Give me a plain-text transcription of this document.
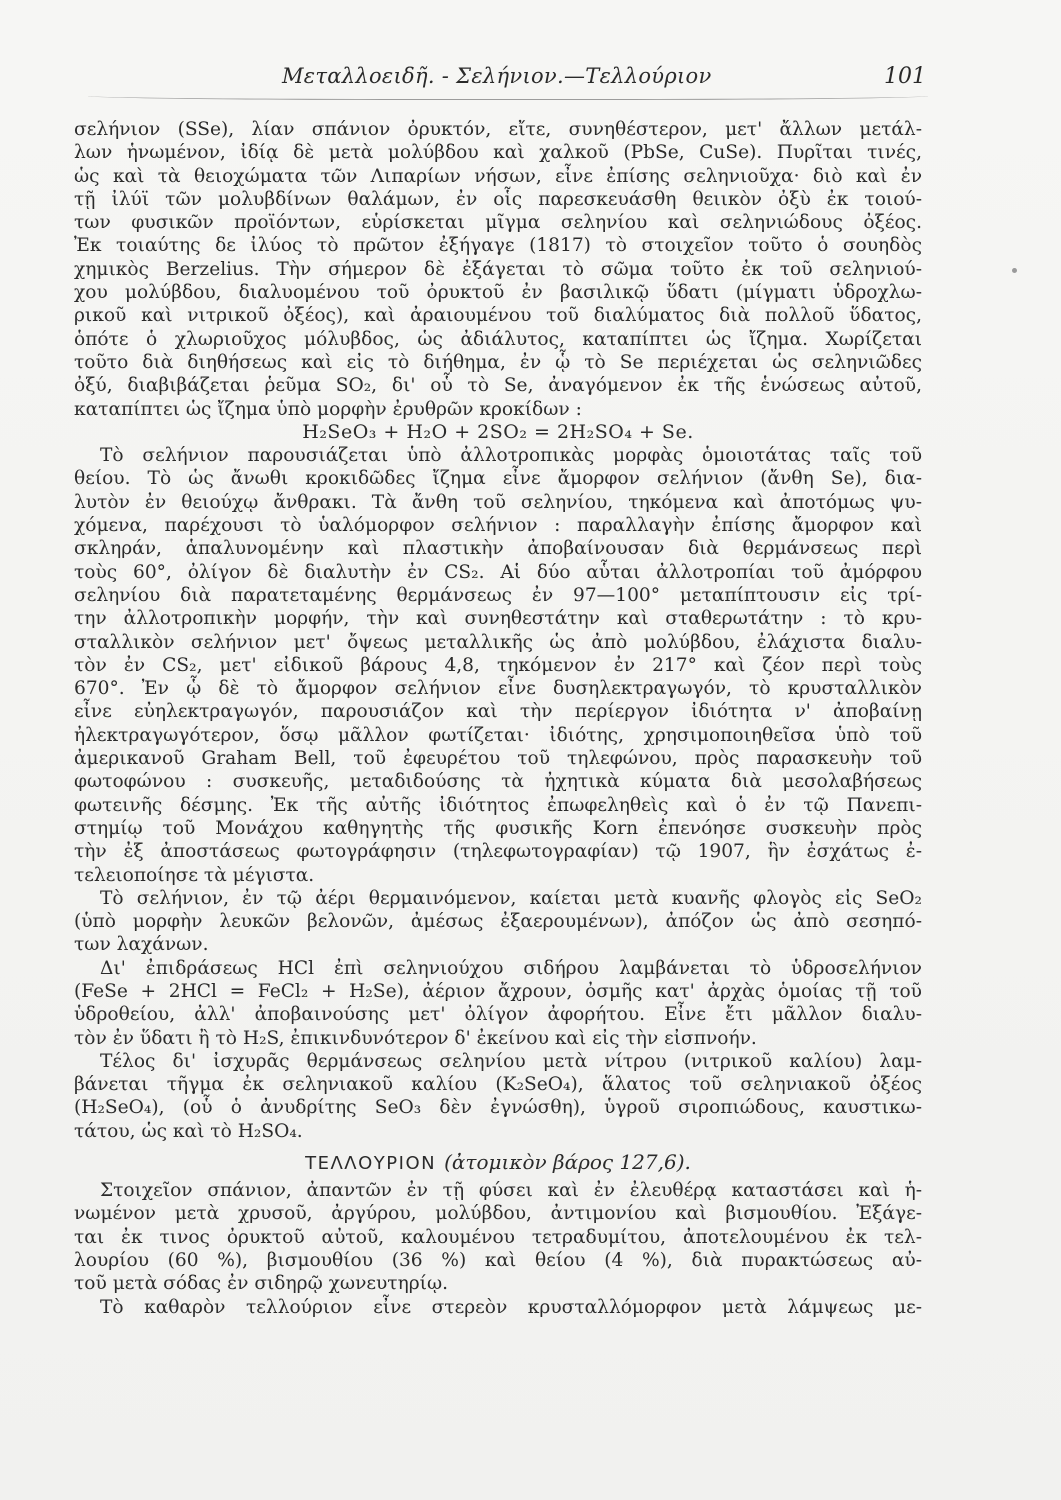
Μεταλλοειδῆ. - Σελήνιον.—Τελλούριον	101
σελήνιον (SSe), λίαν σπάνιον ὀρυκτόν, εἴτε, συνηθέστερον, μετ' ἄλλων μετάλ-
λων ἡνωμένον, ἰδίᾳ δὲ μετὰ μολύβδου καὶ χαλκοῦ (PbSe, CuSe). Πυρῖται τινές,
ὡς καὶ τὰ θειοχώματα τῶν Λιπαρίων νήσων, εἶνε ἐπίσης σεληνιοῦχα· διὸ καὶ ἐν
τῇ ἰλύϊ τῶν μολυβδίνων θαλάμων, ἐν οἷς παρεσκευάσθη θειικὸν ὀξὺ ἐκ τοιού-
των φυσικῶν προϊόντων, εὑρίσκεται μῖγμα σεληνίου καὶ σεληνιώδους ὀξέος.
Ἐκ τοιαύτης δε ἰλύος τὸ πρῶτον ἐξήγαγε (1817) τὸ στοιχεῖον τοῦτο ὁ σουηδὸς
χημικὸς Berzelius. Τὴν σήμερον δὲ ἐξάγεται τὸ σῶμα τοῦτο ἐκ τοῦ σεληνιού-
χου μολύβδου, διαλυομένου τοῦ ὀρυκτοῦ ἐν βασιλικῷ ὕδατι (μίγματι ὑδροχλω-
ρικοῦ καὶ νιτρικοῦ ὀξέος), καὶ ἀραιουμένου τοῦ διαλύματος διὰ πολλοῦ ὕδατος,
ὁπότε ὁ χλωριοῦχος μόλυβδος, ὡς ἀδιάλυτος, καταπίπτει ὡς ἴζημα. Χωρίζεται
τοῦτο διὰ διηθήσεως καὶ εἰς τὸ διήθημα, ἐν ᾧ τὸ Se περιέχεται ὡς σεληνιῶδες
ὀξύ, διαβιβάζεται ῥεῦμα SO₂, δι' οὗ τὸ Se, ἀναγόμενον ἐκ τῆς ἑνώσεως αὐτοῦ,
καταπίπτει ὡς ἴζημα ὑπὸ μορφὴν ἐρυθρῶν κροκίδων :
H₂SeO₃ + H₂O + 2SO₂ = 2H₂SO₄ + Se.
Τὸ σελήνιον παρουσιάζεται ὑπὸ ἀλλοτροπικὰς μορφὰς ὁμοιοτάτας ταῖς τοῦ
θείου. Τὸ ὡς ἄνωθι κροκιδῶδες ἴζημα εἶνε ἄμορφον σελήνιον (ἄνθη Se), δια-
λυτὸν ἐν θειούχῳ ἄνθρακι. Τὰ ἄνθη τοῦ σεληνίου, τηκόμενα καὶ ἀποτόμως ψυ-
χόμενα, παρέχουσι τὸ ὑαλόμορφον σελήνιον : παραλλαγὴν ἐπίσης ἄμορφον καὶ
σκληράν, ἁπαλυνομένην καὶ πλαστικὴν ἀποβαίνουσαν διὰ θερμάνσεως περὶ
τοὺς 60°, ὀλίγον δὲ διαλυτὴν ἐν CS₂. Αἱ δύο αὗται ἀλλοτροπίαι τοῦ ἀμόρφου
σεληνίου διὰ παρατεταμένης θερμάνσεως ἐν 97—100° μεταπίπτουσιν εἰς τρί-
την ἀλλοτροπικὴν μορφήν, τὴν καὶ συνηθεστάτην καὶ σταθερωτάτην : τὸ κρυ-
σταλλικὸν σελήνιον μετ' ὄψεως μεταλλικῆς ὡς ἀπὸ μολύβδου, ἐλάχιστα διαλυ-
τὸν ἐν CS₂, μετ' εἰδικοῦ βάρους 4,8, τηκόμενον ἐν 217° καὶ ζέον περὶ τοὺς
670°. Ἐν ᾧ δὲ τὸ ἄμορφον σελήνιον εἶνε δυσηλεκτραγωγόν, τὸ κρυσταλλικὸν
εἶνε εὐηλεκτραγωγόν, παρουσιάζον καὶ τὴν περίεργον ἰδιότητα ν' ἀποβαίνῃ
ἠλεκτραγωγότερον, ὅσῳ μᾶλλον φωτίζεται· ἰδιότης, χρησιμοποιηθεῖσα ὑπὸ τοῦ
ἀμερικανοῦ Graham Bell, τοῦ ἐφευρέτου τοῦ τηλεφώνου, πρὸς παρασκευὴν τοῦ
φωτοφώνου : συσκευῆς, μεταδιδούσης τὰ ἠχητικὰ κύματα διὰ μεσολαβήσεως
φωτεινῆς δέσμης. Ἐκ τῆς αὐτῆς ἰδιότητος ἐπωφεληθεὶς καὶ ὁ ἐν τῷ Πανεπι-
στημίῳ τοῦ Μονάχου καθηγητὴς τῆς φυσικῆς Korn ἐπενόησε συσκευὴν πρὸς
τὴν ἐξ ἀποστάσεως φωτογράφησιν (τηλεφωτογραφίαν) τῷ 1907, ἣν ἐσχάτως ἐ-
τελειοποίησε τὰ μέγιστα.
Τὸ σελήνιον, ἐν τῷ ἀέρι θερμαινόμενον, καίεται μετὰ κυανῆς φλογὸς εἰς SeO₂
(ὑπὸ μορφὴν λευκῶν βελονῶν, ἀμέσως ἐξαερουμένων), ἀπόζον ὡς ἀπὸ σεσηπό-
των λαχάνων.
Δι' ἐπιδράσεως HCl ἐπὶ σεληνιούχου σιδήρου λαμβάνεται τὸ ὑδροσελήνιον
(FeSe + 2HCl = FeCl₂ + H₂Se), ἀέριον ἄχρουν, ὀσμῆς κατ' ἀρχὰς ὁμοίας τῇ τοῦ
ὑδροθείου, ἀλλ' ἀποβαινούσης μετ' ὀλίγον ἀφορήτου. Εἶνε ἔτι μᾶλλον διαλυ-
τὸν ἐν ὕδατι ἢ τὸ H₂S, ἐπικινδυνότερον δ' ἐκείνου καὶ εἰς τὴν εἰσπνοήν.
Τέλος δι' ἰσχυρᾶς θερμάνσεως σεληνίου μετὰ νίτρου (νιτρικοῦ καλίου) λαμ-
βάνεται τῆγμα ἐκ σεληνιακοῦ καλίου (K₂SeO₄), ἅλατος τοῦ σεληνιακοῦ ὀξέος
(H₂SeO₄), (οὗ ὁ ἀνυδρίτης SeO₃ δὲν ἐγνώσθη), ὑγροῦ σιροπιώδους, καυστικω-
τάτου, ὡς καὶ τὸ H₂SO₄.
ΤΕΛΛΟΥΡΙΟΝ (ἀτομικὸν βάρος 127,6).
Στοιχεῖον σπάνιον, ἀπαντῶν ἐν τῇ φύσει καὶ ἐν ἐλευθέρᾳ καταστάσει καὶ ἡ-
νωμένον μετὰ χρυσοῦ, ἀργύρου, μολύβδου, ἀντιμονίου καὶ βισμουθίου. Ἐξάγε-
ται ἐκ τινος ὀρυκτοῦ αὐτοῦ, καλουμένου τετραδυμίτου, ἀποτελουμένου ἐκ τελ-
λουρίου (60 %), βισμουθίου (36 %) καὶ θείου (4 %), διὰ πυρακτώσεως αὐ-
τοῦ μετὰ σόδας ἐν σιδηρῷ χωνευτηρίῳ.
Τὸ καθαρὸν τελλούριον εἶνε στερεὸν κρυσταλλόμορφον μετὰ λάμψεως με-
